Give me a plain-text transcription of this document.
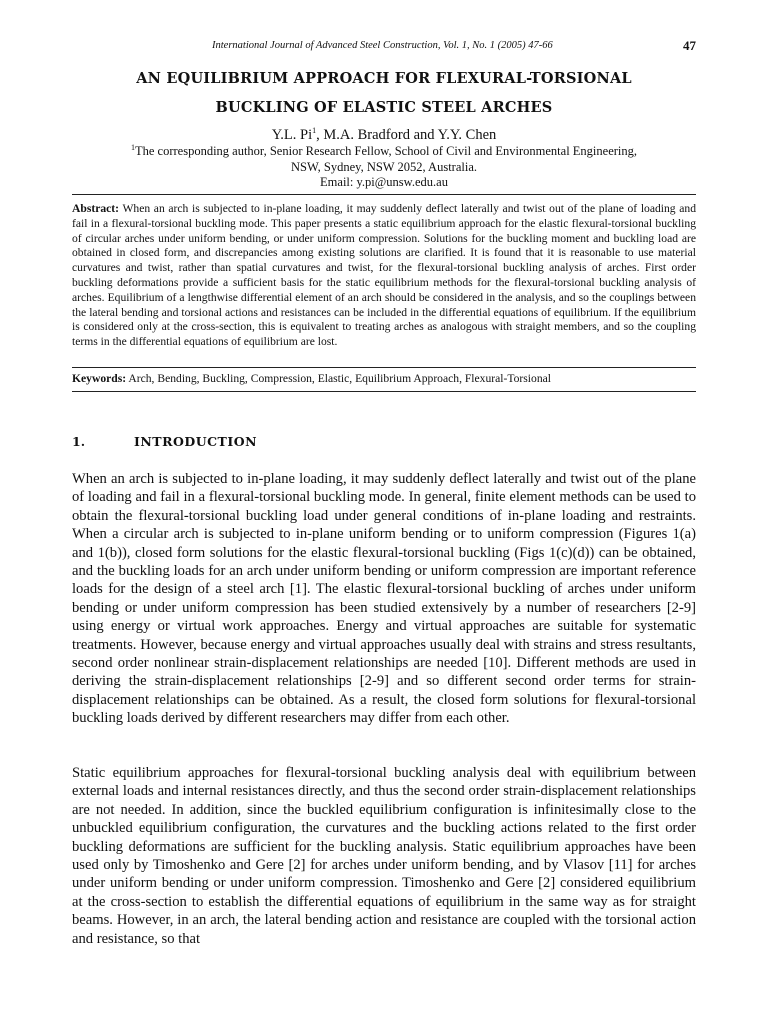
International Journal of Advanced Steel Construction, Vol. 1, No. 1 (2005) 47-66	47
AN EQUILIBRIUM APPROACH FOR FLEXURAL-TORSIONAL
BUCKLING OF ELASTIC STEEL ARCHES
Y.L. Pi$^1$, M.A. Bradford and Y.Y. Chen
$^1$The corresponding author, Senior Research Fellow, School of Civil and Environmental Engineering,
NSW, Sydney, NSW 2052, Australia.
Email: y.pi@unsw.edu.au
Abstract: When an arch is subjected to in-plane loading, it may suddenly deflect laterally and twist out of the plane of loading and fail in a flexural-torsional buckling mode. This paper presents a static equilibrium approach for the elastic flexural-torsional buckling of circular arches under uniform bending, or under uniform compression. Solutions for the buckling moment and buckling load are obtained in closed form, and discrepancies among existing solutions are clarified. It is found that it is reasonable to use material curvatures and twist, rather than spatial curvatures and twist, for the flexural-torsional buckling analysis of arches. First order buckling deformations provide a sufficient basis for the static equilibrium methods for the flexural-torsional buckling analysis of arches. Equilibrium of a lengthwise differential element of an arch should be considered in the analysis, and so the couplings between the lateral bending and torsional actions and resistances can be included in the differential equations of equilibrium. If the equilibrium is considered only at the cross-section, this is equivalent to treating arches as analogous with straight members, and so the coupling terms in the differential equations of equilibrium are lost.
Keywords: Arch, Bending, Buckling, Compression, Elastic, Equilibrium Approach, Flexural-Torsional
1.	INTRODUCTION
When an arch is subjected to in-plane loading, it may suddenly deflect laterally and twist out of the plane of loading and fail in a flexural-torsional buckling mode. In general, finite element methods can be used to obtain the flexural-torsional buckling load under general conditions of in-plane loading and restraints. When a circular arch is subjected to in-plane uniform bending or to uniform compression (Figures 1(a) and 1(b)), closed form solutions for the elastic flexural-torsional buckling (Figs 1(c)(d)) can be obtained, and the buckling loads for an arch under uniform bending or uniform compression are important reference loads for the design of a steel arch [1]. The elastic flexural-torsional buckling of arches under uniform bending or under uniform compression has been studied extensively by a number of researchers [2-9] using energy or virtual work approaches. Energy and virtual approaches are suitable for systematic treatments. However, because energy and virtual approaches usually deal with strains and stress resultants, second order nonlinear strain-displacement relationships are needed [10]. Different methods are used in deriving the strain-displacement relationships [2-9] and so different second order terms for strain-displacement relationships can be obtained. As a result, the closed form solutions for flexural-torsional buckling loads derived by different researchers may differ from each other.
Static equilibrium approaches for flexural-torsional buckling analysis deal with equilibrium between external loads and internal resistances directly, and thus the second order strain-displacement relationships are not needed. In addition, since the buckled equilibrium configuration is infinitesimally close to the unbuckled equilibrium configuration, the curvatures and the buckling actions related to the first order buckling deformations are sufficient for the buckling analysis. Static equilibrium approaches have been used only by Timoshenko and Gere [2] for arches under uniform bending, and by Vlasov [11] for arches under uniform bending or under uniform compression. Timoshenko and Gere [2] considered equilibrium at the cross-section to establish the differential equations of equilibrium in the same way as for straight beams. However, in an arch, the lateral bending action and resistance are coupled with the torsional action and resistance, so that
